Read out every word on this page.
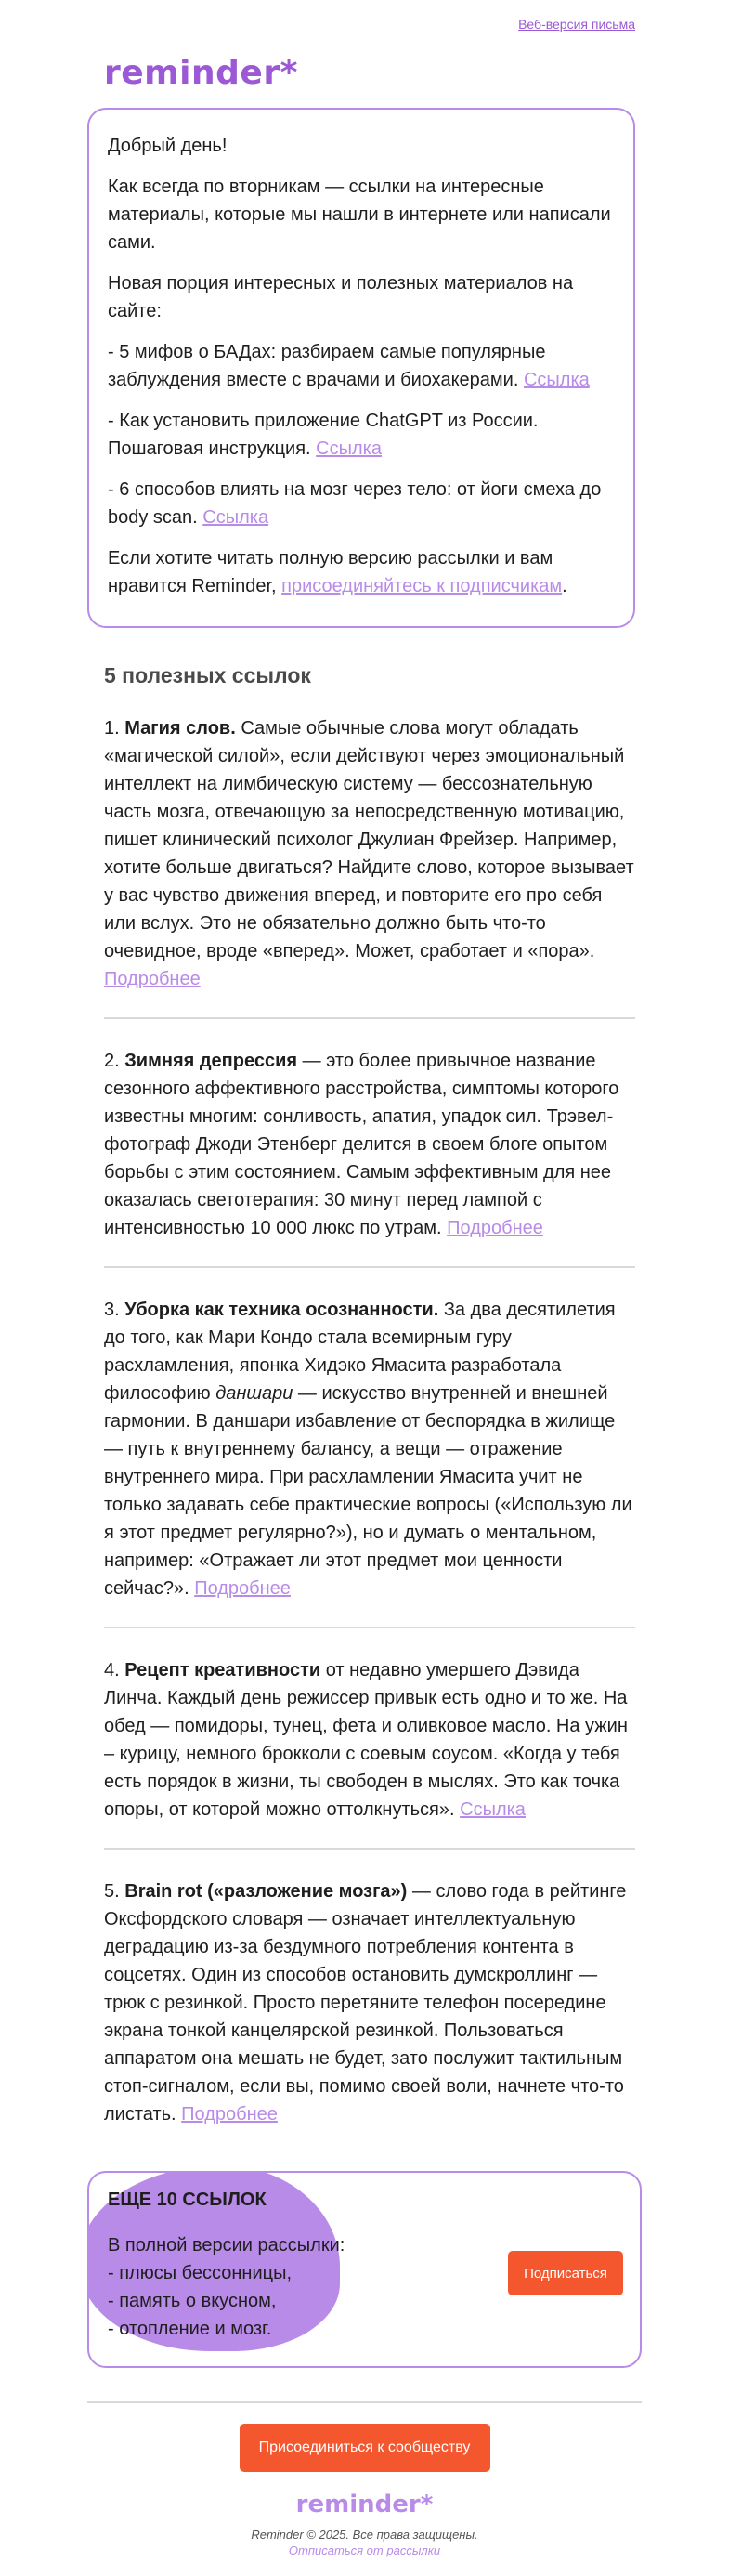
Веб-версия письма
reminder*

Добрый день!

Как всегда по вторникам — ссылки на интересные материалы, которые мы нашли в интернете или написали сами.

Новая порция интересных и полезных материалов на сайте:

- 5 мифов о БАДах: разбираем самые популярные заблуждения вместе с врачами и биохакерами. Ссылка

- Как установить приложение ChatGPT из России. Пошаговая инструкция. Ссылка

- 6 способов влиять на мозг через тело: от йоги смеха до body scan. Ссылка

Если хотите читать полную версию рассылки и вам нравится Reminder, присоединяйтесь к подписчикам.

5 полезных ссылок
1. Магия слов. Самые обычные слова могут обладать «магической силой», если действуют через эмоциональный интеллект на лимбическую систему — бессознательную часть мозга, отвечающую за непосредственную мотивацию, пишет клинический психолог Джулиан Фрейзер. Например, хотите больше двигаться? Найдите слово, которое вызывает у вас чувство движения вперед, и повторите его про себя или вслух. Это не обязательно должно быть что-то очевидное, вроде «вперед». Может, сработает и «пора». Подробнее
2. Зимняя депрессия — это более привычное название сезонного аффективного расстройства, симптомы которого известны многим: сонливость, апатия, упадок сил. Трэвел-фотограф Джоди Этенберг делится в своем блоге опытом борьбы с этим состоянием. Самым эффективным для нее оказалась светотерапия: 30 минут перед лампой с интенсивностью 10 000 люкс по утрам. Подробнее
3. Уборка как техника осознанности. За два десятилетия до того, как Мари Кондо стала всемирным гуру расхламления, японка Хидэко Ямасита разработала философию даншари — искусство внутренней и внешней гармонии. В даншари избавление от беспорядка в жилище — путь к внутреннему балансу, а вещи — отражение внутреннего мира. При расхламлении Ямасита учит не только задавать себе практические вопросы («Использую ли я этот предмет регулярно?»), но и думать о ментальном, например: «Отражает ли этот предмет мои ценности сейчас?». Подробнее
4. Рецепт креативности от недавно умершего Дэвида Линча. Каждый день режиссер привык есть одно и то же. На обед — помидоры, тунец, фета и оливковое масло. На ужин – курицу, немного брокколи с соевым соусом. «Когда у тебя есть порядок в жизни, ты свободен в мыслях. Это как точка опоры, от которой можно оттолкнуться». Ссылка
5. Brain rot («разложение мозга») — слово года в рейтинге Оксфордского словаря — означает интеллектуальную деградацию из-за бездумного потребления контента в соцсетях. Один из способов остановить думскроллинг — трюк с резинкой. Просто перетяните телефон посередине экрана тонкой канцелярской резинкой. Пользоваться аппаратом она мешать не будет, зато послужит тактильным стоп-сигналом, если вы, помимо своей воли, начнете что-то листать. Подробнее
ЕЩЕ 10 ССЫЛОК
В полной версии рассылки:
- плюсы бессонницы,
- память о вкусном,
- отопление и мозг.
Подписаться
Присоединиться к сообществу
reminder*
Reminder © 2025. Все права защищены.
Отписаться от рассылки
